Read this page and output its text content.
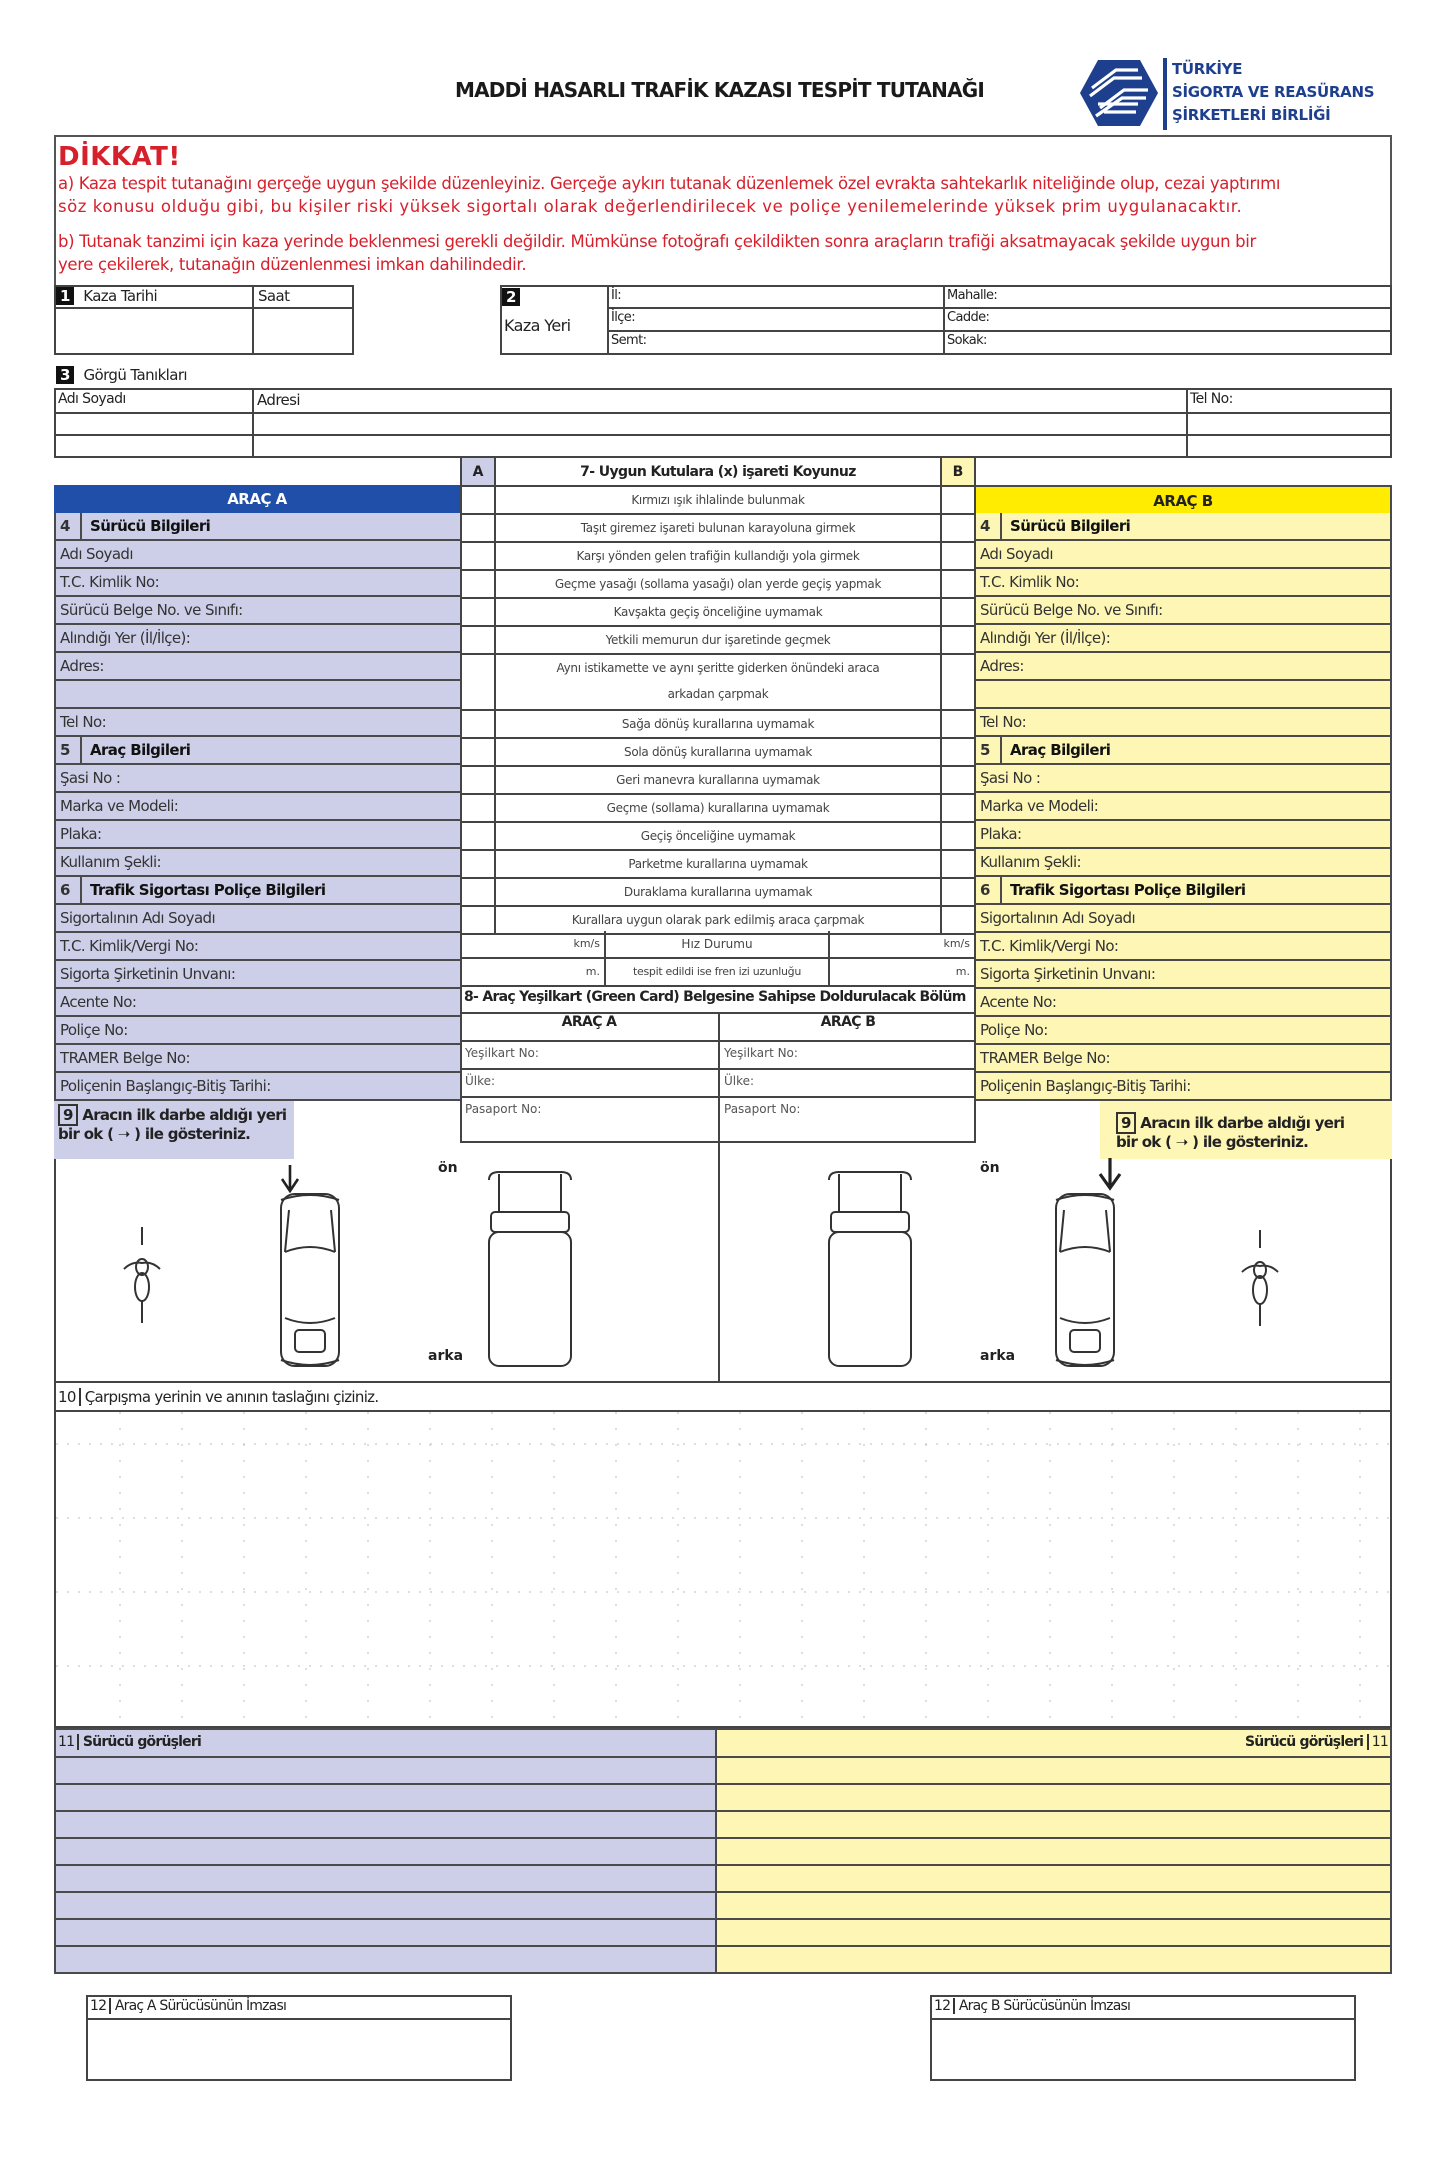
MADDİ HASARLI TRAFİK KAZASI TESPİT TUTANAĞI
TÜRKİYE
SİGORTA VE REASÜRANS
ŞİRKETLERİ BİRLİĞİ
DİKKAT!
a) Kaza tespit tutanağını gerçeğe uygun şekilde düzenleyiniz. Gerçeğe aykırı tutanak düzenlemek özel evrakta sahtekarlık niteliğinde olup, cezai yaptırımı
söz konusu olduğu gibi, bu kişiler riski yüksek sigortalı olarak değerlendirilecek ve poliçe yenilemelerinde yüksek prim uygulanacaktır.
b) Tutanak tanzimi için kaza yerinde beklenmesi gerekli değildir. Mümkünse fotoğrafı çekildikten sonra araçların trafiği aksatmayacak şekilde uygun bir
yere çekilerek, tutanağın düzenlenmesi imkan dahilindedir.
1 Kaza Tarihi	Saat	2
Kaza Yeri
İl:
İlçe:
Semt:
Mahalle:
Cadde:
Sokak:
3 Görgü Tanıkları
Adı Soyadı	Adresi	Tel No:
ARAÇ A
4 Sürücü Bilgileri
Adı Soyadı
T.C. Kimlik No:
Sürücü Belge No. ve Sınıfı:
Alındığı Yer (İl/İlçe):
Adres:
Tel No:
5 Araç Bilgileri
Şasi No :
Marka ve Modeli:
Plaka:
Kullanım Şekli:
6 Trafik Sigortası Poliçe Bilgileri
Sigortalının Adı Soyadı
T.C. Kimlik/Vergi No:
Sigorta Şirketinin Unvanı:
Acente No:
Poliçe No:
TRAMER Belge No:
Poliçenin Başlangıç-Bitiş Tarihi:
ARAÇ B
4 Sürücü Bilgileri
Adı Soyadı
T.C. Kimlik No:
Sürücü Belge No. ve Sınıfı:
Alındığı Yer (İl/İlçe):
Adres:
Tel No:
5 Araç Bilgileri
Şasi No :
Marka ve Modeli:
Plaka:
Kullanım Şekli:
6 Trafik Sigortası Poliçe Bilgileri
Sigortalının Adı Soyadı
T.C. Kimlik/Vergi No:
Sigorta Şirketinin Unvanı:
Acente No:
Poliçe No:
TRAMER Belge No:
Poliçenin Başlangıç-Bitiş Tarihi:
A	7- Uygun Kutulara (x) işareti Koyunuz	B
Kırmızı ışık ihlalinde bulunmak
Taşıt giremez işareti bulunan karayoluna girmek
Karşı yönden gelen trafiğin kullandığı yola girmek
Geçme yasağı (sollama yasağı) olan yerde geçiş yapmak
Kavşakta geçiş önceliğine uymamak
Yetkili memurun dur işaretinde geçmek
Aynı istikamette ve aynı şeritte giderken önündeki araca arkadan çarpmak
Sağa dönüş kurallarına uymamak
Sola dönüş kurallarına uymamak
Geri manevra kurallarına uymamak
Geçme (sollama) kurallarına uymamak
Geçiş önceliğine uymamak
Parketme kurallarına uymamak
Duraklama kurallarına uymamak
Kurallara uygun olarak park edilmiş araca çarpmak
km/s	Hız Durumu	km/s
m.	tespit edildi ise fren izi uzunluğu	m.
8- Araç Yeşilkart (Green Card) Belgesine Sahipse Doldurulacak Bölüm
ARAÇ A	ARAÇ B
Yeşilkart No:
Ülke:
Pasaport No:
Yeşilkart No:
Ülke:
Pasaport No:
9 Aracın ilk darbe aldığı yeri
bir ok ( ➝ ) ile gösteriniz.
9 Aracın ilk darbe aldığı yeri
bir ok ( ➝ ) ile gösteriniz.
ön
arka
ön
arka
10 Çarpışma yerinin ve anının taslağını çiziniz.
11 Sürücü görüşleri	Sürücü görüşleri 11
12 Araç A Sürücüsünün İmzası	12 Araç B Sürücüsünün İmzası
